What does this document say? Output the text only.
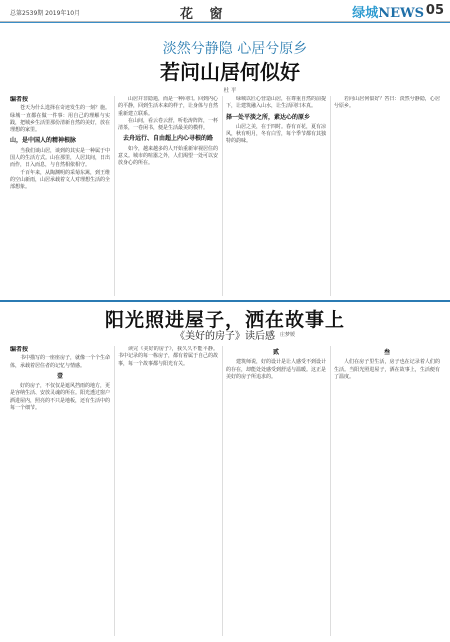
总第2539期 2019年10月	花 窗	绿城NEWS 05
淡然兮静隐 心居兮原乡
若问山居何似好
杜 平
编者按

苍天为什么选择在奇迹发生的一刻？施。绿城一直都在做一件事：用自己的理解与实践，把城乡生活里那份清新自然的美好，放在理想的家里。

山，是中国人的精神根脉

当我们谈山居，谈到的其实是一种属于中国人的生活方式。山在那里，人居其间，日出而作，日入而息，与自然相依相守。

千百年来，从陶渊明的采菊东篱，到王维的空山新雨，山居承载着文人对理想生活的全部想象。

山居并非隐遁，而是一种回归。回到内心的平静，回到生活本来的样子，让身体与自然重新建立联系。

在山间，看云卷云舒，听松涛阵阵，一杯清茶，一卷闲书，便是生活最美的模样。

去舟远行、自由超上内心寻根的路

如今，越来越多的人开始重新审视居住的意义。城市的喧嚣之外，人们渴望一处可以安放身心的所在。

绿城以匠心营造山居，在尊重自然的前提下，让建筑融入山水，让生活回归本真。

择一处平淡之所，素达心的原乡

山居之美，在于四时。春有百花，夏有凉风，秋有明月，冬有白雪，每个季节都有其独特的韵味。

若问山居何似好？答曰：淡然兮静隐，心居兮原乡。

阳光照进屋子，洒在故事上
《美好的房子》读后感	庄梦媛
编者按

书中描写的一座座房子，就像一个个生命体，承载着居住者的记忆与情感。

壹

好的房子，不仅仅是遮风挡雨的地方，更是容纳生活、安放灵魂的所在。阳光透过窗户洒进屋内，照亮的不只是地板，还有生活中的每一个细节。

读完《美好的房子》，我久久不能平静。书中记录的每一栋房子，都有着属于自己的故事，每一个故事都与阳光有关。

贰

建筑师说，好的设计是让人感受不到设计的存在，却能处处感受到舒适与温暖。这正是美好的房子所追求的。

叁

人们在房子里生活，房子也在记录着人们的生活。当阳光照进屋子，洒在故事上，生活便有了温度。
